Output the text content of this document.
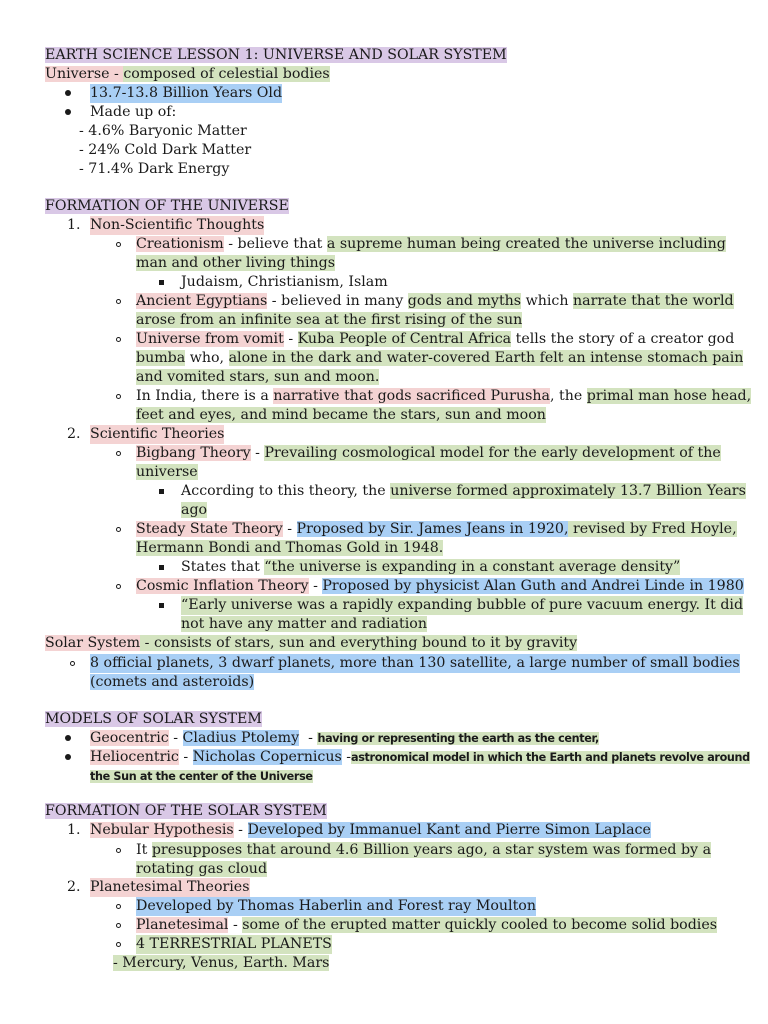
EARTH SCIENCE LESSON 1: UNIVERSE AND SOLAR SYSTEM
Universe - composed of celestial bodies
13.7-13.8 Billion Years Old
Made up of:
- 4.6% Baryonic Matter
- 24% Cold Dark Matter
- 71.4% Dark Energy
FORMATION OF THE UNIVERSE
1. Non-Scientific Thoughts
Creationism - believe that a supreme human being created the universe including
man and other living things
Judaism, Christianism, Islam
Ancient Egyptians - believed in many gods and myths which narrate that the world
arose from an infinite sea at the first rising of the sun
Universe from vomit - Kuba People of Central Africa tells the story of a creator god
bumba who, alone in the dark and water-covered Earth felt an intense stomach pain
and vomited stars, sun and moon.
In India, there is a narrative that gods sacrificed Purusha, the primal man hose head,
feet and eyes, and mind became the stars, sun and moon
2. Scientific Theories
Bigbang Theory - Prevailing cosmological model for the early development of the
universe
According to this theory, the universe formed approximately 13.7 Billion Years
ago
Steady State Theory - Proposed by Sir. James Jeans in 1920, revised by Fred Hoyle,
Hermann Bondi and Thomas Gold in 1948.
States that “the universe is expanding in a constant average density”
Cosmic Inflation Theory - Proposed by physicist Alan Guth and Andrei Linde in 1980
“Early universe was a rapidly expanding bubble of pure vacuum energy. It did
not have any matter and radiation
Solar System - consists of stars, sun and everything bound to it by gravity
8 official planets, 3 dwarf planets, more than 130 satellite, a large number of small bodies
(comets and asteroids)
MODELS OF SOLAR SYSTEM
Geocentric - Cladius Ptolemy  - having or representing the earth as the center,
Heliocentric - Nicholas Copernicus -astronomical model in which the Earth and planets revolve around
the Sun at the center of the Universe
FORMATION OF THE SOLAR SYSTEM
1. Nebular Hypothesis - Developed by Immanuel Kant and Pierre Simon Laplace
It presupposes that around 4.6 Billion years ago, a star system was formed by a
rotating gas cloud
2. Planetesimal Theories
Developed by Thomas Haberlin and Forest ray Moulton
Planetesimal - some of the erupted matter quickly cooled to become solid bodies
4 TERRESTRIAL PLANETS
- Mercury, Venus, Earth. Mars
